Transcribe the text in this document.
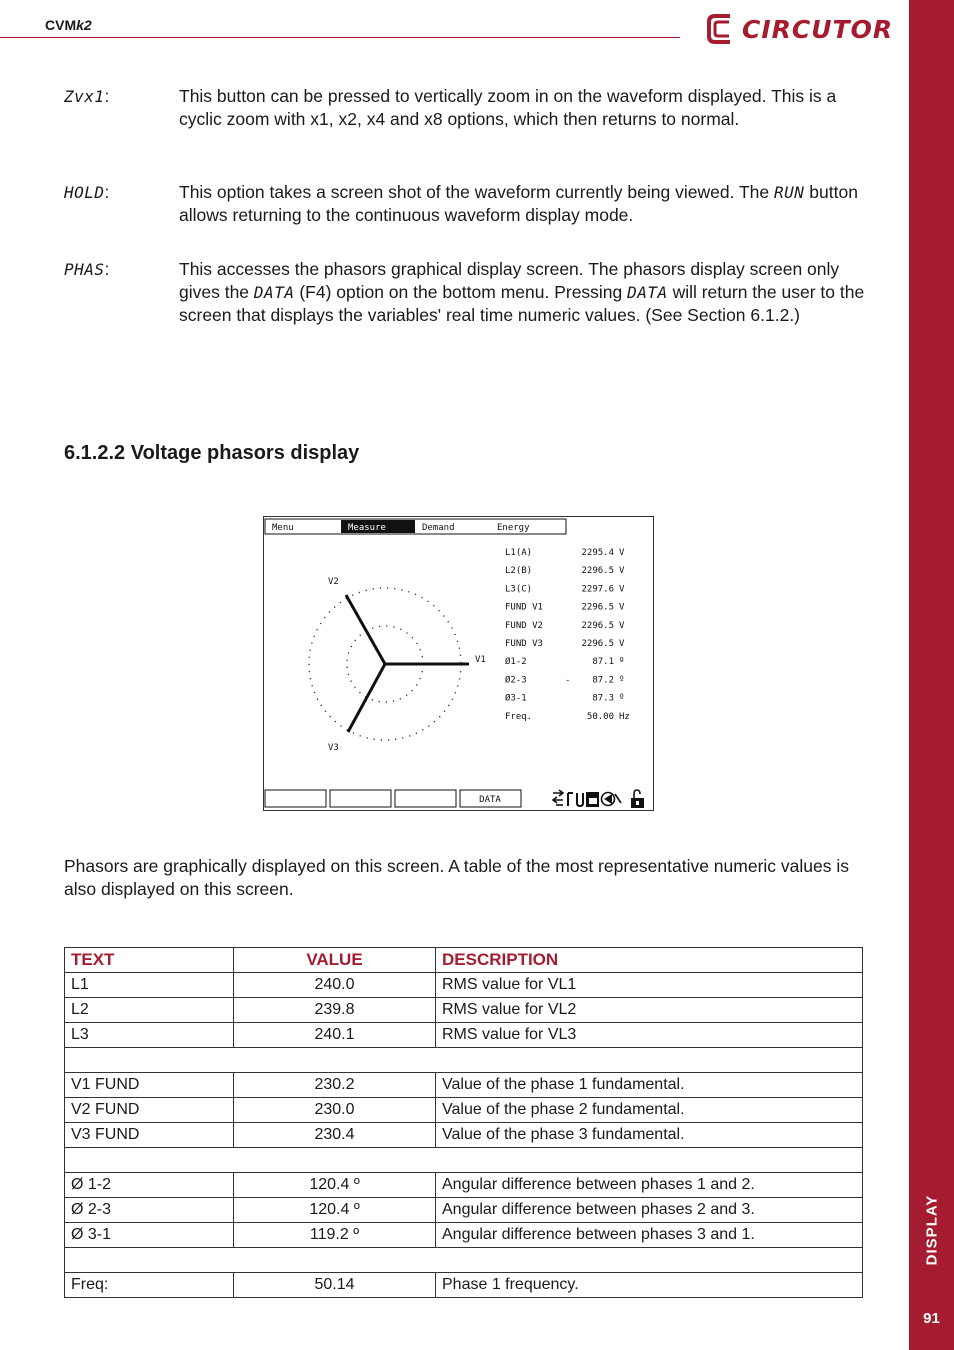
CVMk2	CIRCUTOR
DISPLAY
91
Zvx1:	This button can be pressed to vertically zoom in on the waveform displayed. This is a cyclic zoom with x1, x2, x4 and x8 options, which then returns to normal.
HOLD:	This option takes a screen shot of the waveform currently being viewed. The RUN button allows returning to the continuous waveform display mode.
PHAS:	This accesses the phasors graphical display screen. The phasors display screen only gives the DATA (F4) option on the bottom menu. Pressing DATA will return the user to the screen that displays the variables' real time numeric values. (See Section 6.1.2.)
6.1.2.2 Voltage phasors display
Menu	Measure	Demand	Energy
V1
V2
V3
L1(A)	2295.4 V
L2(B)	2296.5 V
L3(C)	2297.6 V
FUND V1	2296.5 V
FUND V2	2296.5 V
FUND V3	2296.5 V
Ø1-2	87.1 º
Ø2-3	- 87.2 º
Ø3-1	87.3 º
Freq.	50.00 Hz
DATA
Phasors are graphically displayed on this screen. A table of the most representative numeric values is also displayed on this screen.
TEXT	VALUE	DESCRIPTION
L1	240.0	RMS value for VL1
L2	239.8	RMS value for VL2
L3	240.1	RMS value for VL3

V1 FUND	230.2	Value of the phase 1 fundamental.
V2 FUND	230.0	Value of the phase 2 fundamental.
V3 FUND	230.4	Value of the phase 3 fundamental.

Ø 1-2	120.4 º	Angular difference between phases 1 and 2.
Ø 2-3	120.4 º	Angular difference between phases 2 and 3.
Ø 3-1	119.2 º	Angular difference between phases 3 and 1.

Freq:	50.14	Phase 1 frequency.
